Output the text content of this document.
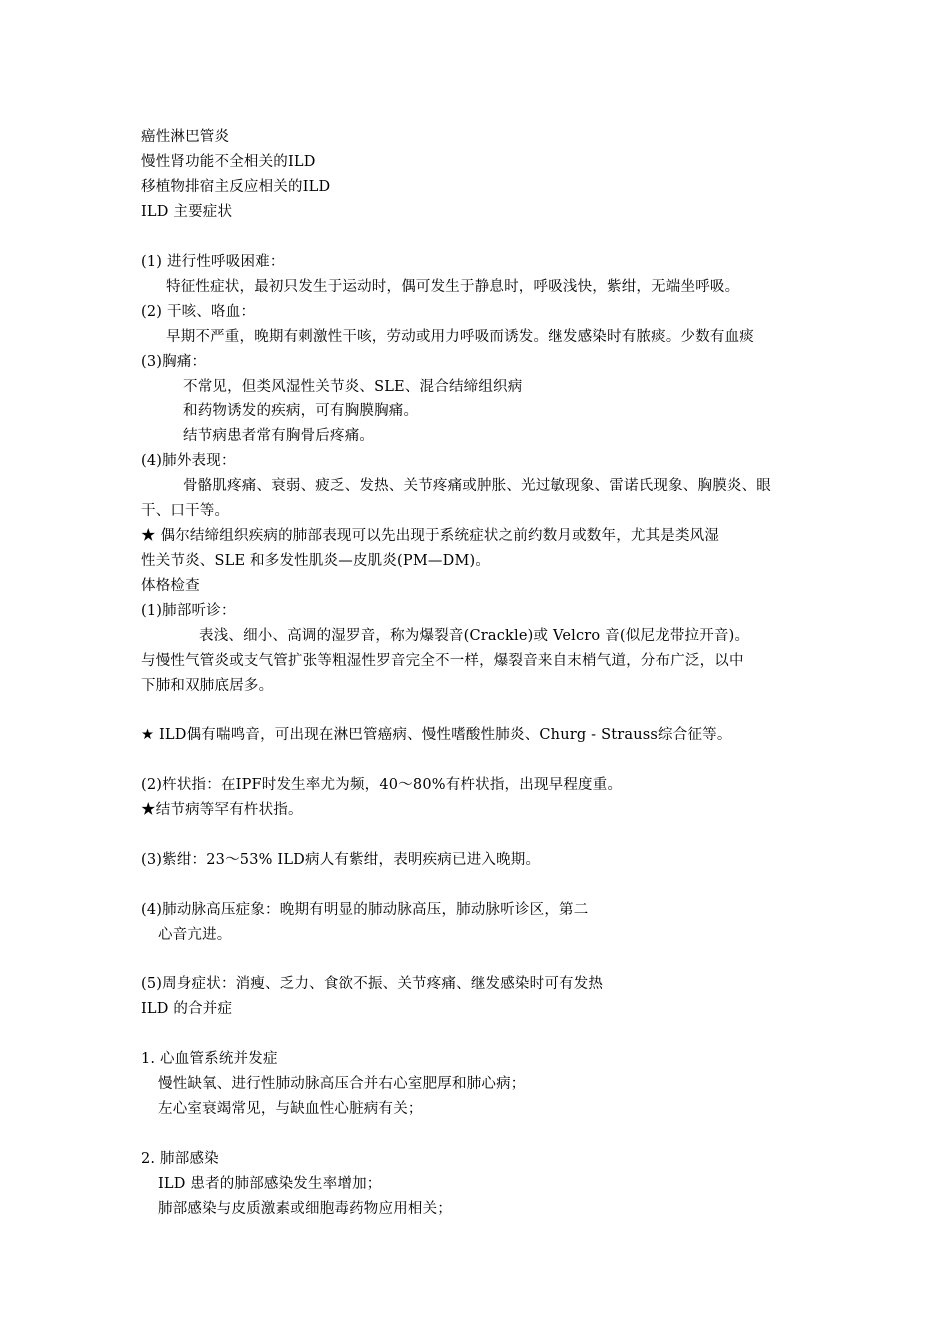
癌性淋巴管炎
慢性肾功能不全相关的ILD
移植物排宿主反应相关的ILD
ILD 主要症状
(1) 进行性呼吸困难：
特征性症状，最初只发生于运动时，偶可发生于静息时，呼吸浅快，紫绀，无端坐呼吸。
(2) 干咳、咯血：
早期不严重，晚期有刺激性干咳，劳动或用力呼吸而诱发。继发感染时有脓痰。少数有血痰
(3)胸痛：
不常见，但类风湿性关节炎、SLE、混合结缔组织病
和药物诱发的疾病，可有胸膜胸痛。
结节病患者常有胸骨后疼痛。
(4)肺外表现：
骨骼肌疼痛、衰弱、疲乏、发热、关节疼痛或肿胀、光过敏现象、雷诺氏现象、胸膜炎、眼
干、口干等。
★ 偶尔结缔组织疾病的肺部表现可以先出现于系统症状之前约数月或数年，尤其是类风湿
性关节炎、SLE 和多发性肌炎—皮肌炎(PM—DM)。
体格检查
(1)肺部听诊：
表浅、细小、高调的湿罗音，称为爆裂音(Crackle)或 Velcro 音(似尼龙带拉开音)。
与慢性气管炎或支气管扩张等粗湿性罗音完全不一样，爆裂音来自末梢气道，分布广泛，以中
下肺和双肺底居多。
★ ILD偶有喘鸣音，可出现在淋巴管癌病、慢性嗜酸性肺炎、Churg - Strauss综合征等。
(2)杵状指：在IPF时发生率尤为频，40～80%有杵状指，出现早程度重。
★结节病等罕有杵状指。
(3)紫绀：23～53% ILD病人有紫绀，表明疾病已进入晚期。
(4)肺动脉高压症象：晚期有明显的肺动脉高压，肺动脉听诊区，第二
心音亢进。
(5)周身症状：消瘦、乏力、食欲不振、关节疼痛、继发感染时可有发热
ILD 的合并症
1. 心血管系统并发症
慢性缺氧、进行性肺动脉高压合并右心室肥厚和肺心病；
左心室衰竭常见，与缺血性心脏病有关；
2. 肺部感染
ILD 患者的肺部感染发生率增加；
肺部感染与皮质激素或细胞毒药物应用相关；
